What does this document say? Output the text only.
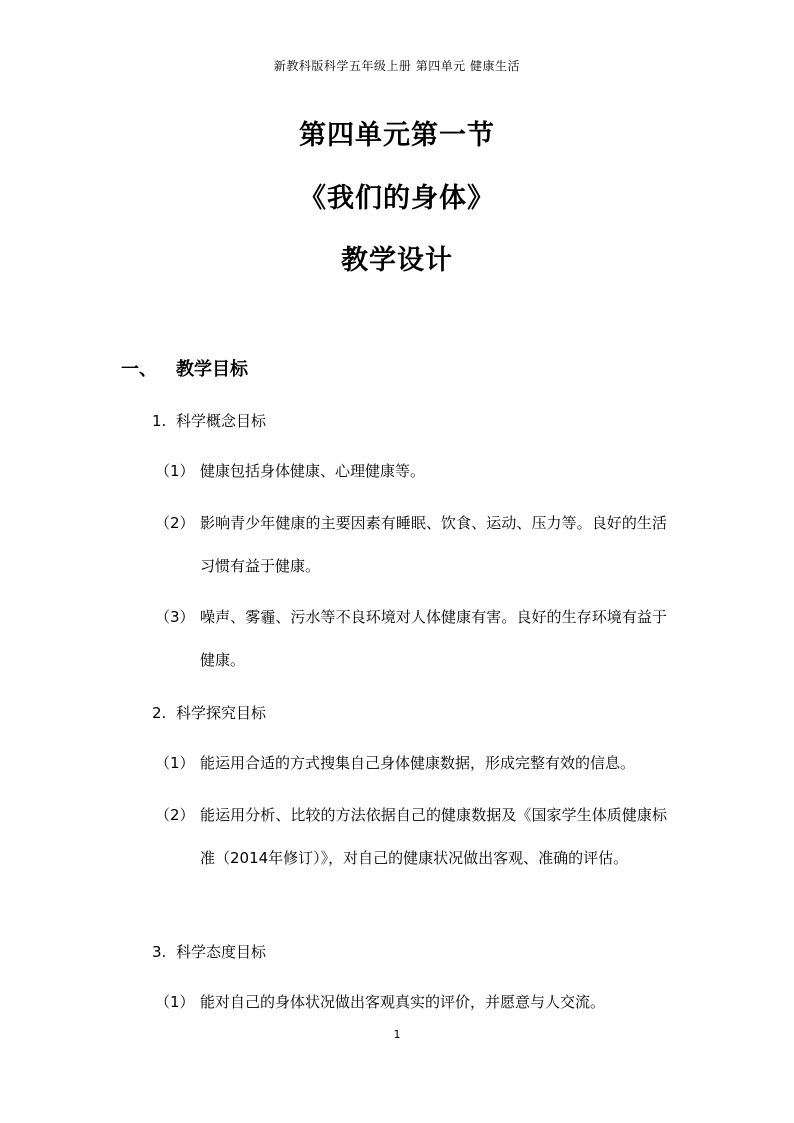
新教科版科学五年级上册 第四单元 健康生活
第四单元第一节
《我们的身体》
教学设计
一、 教学目标
1. 科学概念目标
（1） 健康包括身体健康、心理健康等。
（2） 影响青少年健康的主要因素有睡眠、饮食、运动、压力等。良好的生活习惯有益于健康。
（3） 噪声、雾霾、污水等不良环境对人体健康有害。良好的生存环境有益于健康。
2. 科学探究目标
（1） 能运用合适的方式搜集自己身体健康数据，形成完整有效的信息。
（2） 能运用分析、比较的方法依据自己的健康数据及《国家学生体质健康标准（2014年修订）》，对自己的健康状况做出客观、准确的评估。
3. 科学态度目标
（1） 能对自己的身体状况做出客观真实的评价，并愿意与人交流。
1
